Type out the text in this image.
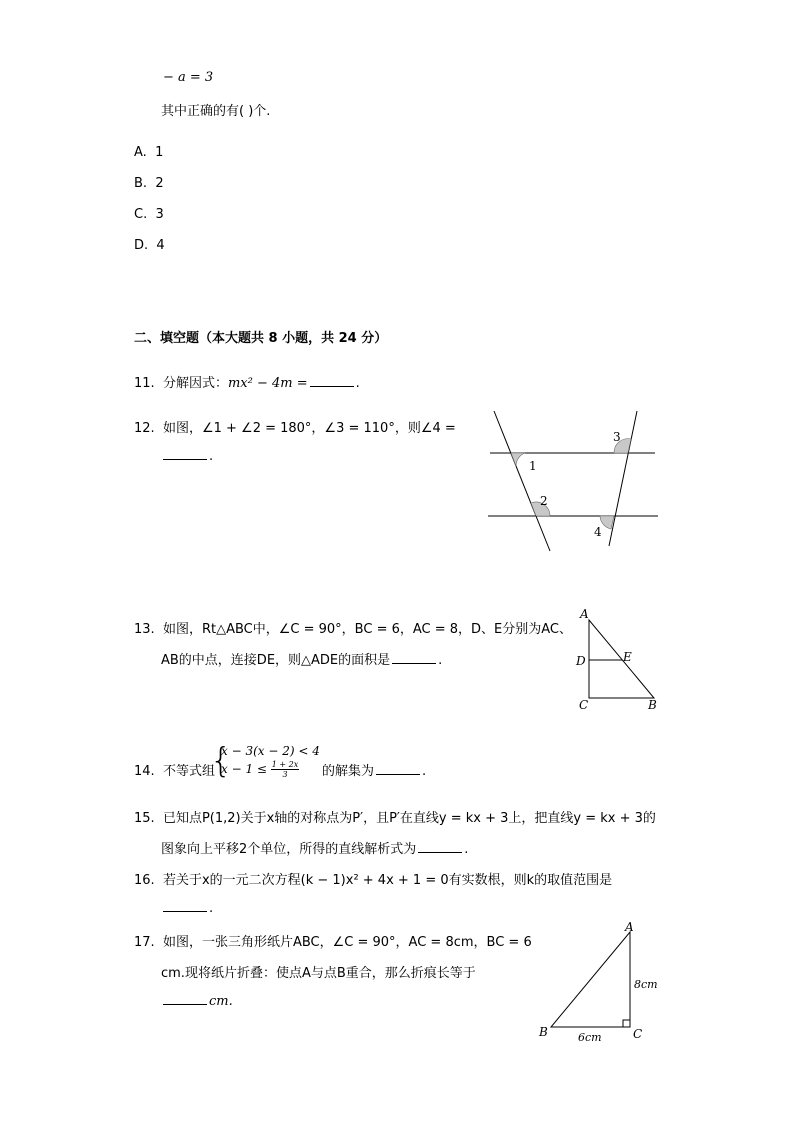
− a = 3
其中正确的有( )个.
A. 1
B. 2
C. 3
D. 4
二、填空题（本大题共 8 小题，共 24 分）
11. 分解因式：mx² − 4m =	.
12. 如图，∠1 + ∠2 = 180°，∠3 = 110°，则∠4 =
.
1
2
3
4
13. 如图，Rt△ABC中，∠C = 90°，BC = 6，AC = 8，D、E分别为AC、
AB的中点，连接DE，则△ADE的面积是	.
A
D	E
C	B
14. 不等式组
{
x − 3(x − 2) < 4
$x - 1 \le \frac{1 + 2x}{3}$ 的解集为	.
15. 已知点P(1,2)关于x轴的对称点为P′，且P′在直线y = kx + 3上，把直线y = kx + 3的
图象向上平移2个单位，所得的直线解析式为	.
16. 若关于x的一元二次方程(k − 1)x² + 4x + 1 = 0有实数根，则k的取值范围是
.
17. 如图，一张三角形纸片ABC，∠C = 90°，AC = 8cm，BC = 6
cm.现将纸片折叠：使点A与点B重合，那么折痕长等于
cm.
A
B	C
8cm
6cm
